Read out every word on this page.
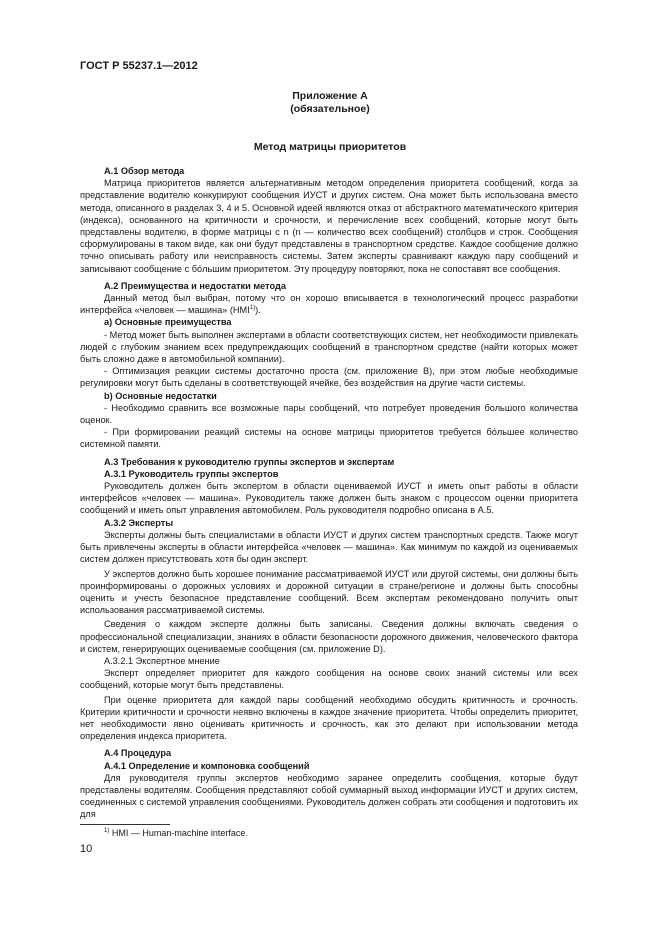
ГОСТ Р 55237.1—2012
Приложение А
(обязательное)
Метод матрицы приоритетов

А.1 Обзор метода

Матрица приоритетов является альтернативным методом определения приоритета сообщений, когда за представление водителю конкурируют сообщения ИУСТ и других систем. Она может быть использована вместо метода, описанного в разделах 3, 4 и 5. Основной идеей являются отказ от абстрактного математического критерия (индекса), основанного на критичности и срочности, и перечисление всех сообщений, которые могут быть представлены водителю, в форме матрицы с n (n — количество всех сообщений) столбцов и строк. Сообщения сформулированы в таком виде, как они будут представлены в транспортном средстве. Каждое сообщение должно точно описывать работу или неисправность системы. Затем эксперты сравнивают каждую пару сообщений и записывают сообщение с бо́льшим приоритетом. Эту процедуру повторяют, пока не сопоставят все сообщения.

А.2 Преимущества и недостатки метода

Данный метод был выбран, потому что он хорошо вписывается в технологический процесс разработки интерфейса «человек — машина» (HMI$^{1)}$).

а) Основные преимущества

- Метод может быть выполнен экспертами в области соответствующих систем, нет необходимости привлекать людей с глубоким знанием всех предупреждающих сообщений в транспортном средстве (найти которых может быть сложно даже в автомобильной компании).

- Оптимизация реакции системы достаточно проста (см. приложение В), при этом любые необходимые регулировки могут быть сделаны в соответствующей ячейке, без воздействия на другие части системы.

b) Основные недостатки

- Необходимо сравнить все возможные пары сообщений, что потребует проведения большого количества оценок.

- При формировании реакций системы на основе матрицы приоритетов требуется бо́льшее количество системной памяти.

А.3 Требования к руководителю группы экспертов и экспертам

А.3.1 Руководитель группы экспертов

Руководитель должен быть экспертом в области оцениваемой ИУСТ и иметь опыт работы в области интерфейсов «человек — машина». Руководитель также должен быть знаком с процессом оценки приоритета сообщений и иметь опыт управления автомобилем. Роль руководителя подробно описана в А.5.

А.3.2 Эксперты

Эксперты должны быть специалистами в области ИУСТ и других систем транспортных средств. Также могут быть привлечены эксперты в области интерфейса «человек — машина». Как минимум по каждой из оцениваемых систем должен присутствовать хотя бы один эксперт.

У экспертов должно быть хорошее понимание рассматриваемой ИУСТ или другой системы, они должны быть проинформированы о дорожных условиях и дорожной ситуации в стране/регионе и должны быть способны оценить и учесть безопасное представление сообщений. Всем экспертам рекомендовано получить опыт использования рассматриваемой системы.

Сведения о каждом эксперте должны быть записаны. Сведения должны включать сведения о профессиональной специализации, знаниях в области безопасности дорожного движения, человеческого фактора и систем, генерирующих оцениваемые сообщения (см. приложение D).

А.3.2.1 Экспертное мнение

Эксперт определяет приоритет для каждого сообщения на основе своих знаний системы или всех сообщений, которые могут быть представлены.

При оценке приоритета для каждой пары сообщений необходимо обсудить критичность и срочность. Критерии критичности и срочности неявно включены в каждое значение приоритета. Чтобы определить приоритет, нет необходимости явно оценивать критичность и срочность, как это делают при использовании метода определения индекса приоритета.

А.4 Процедура

А.4.1 Определение и компоновка сообщений

Для руководителя группы экспертов необходимо заранее определить сообщения, которые будут представлены водителям. Сообщения представляют собой суммарный выход информации ИУСТ и других систем, соединенных с системой управления сообщениями. Руководитель должен собрать эти сообщения и подготовить их для

$^{1)}$ HMI — Human-machine interface.
10
